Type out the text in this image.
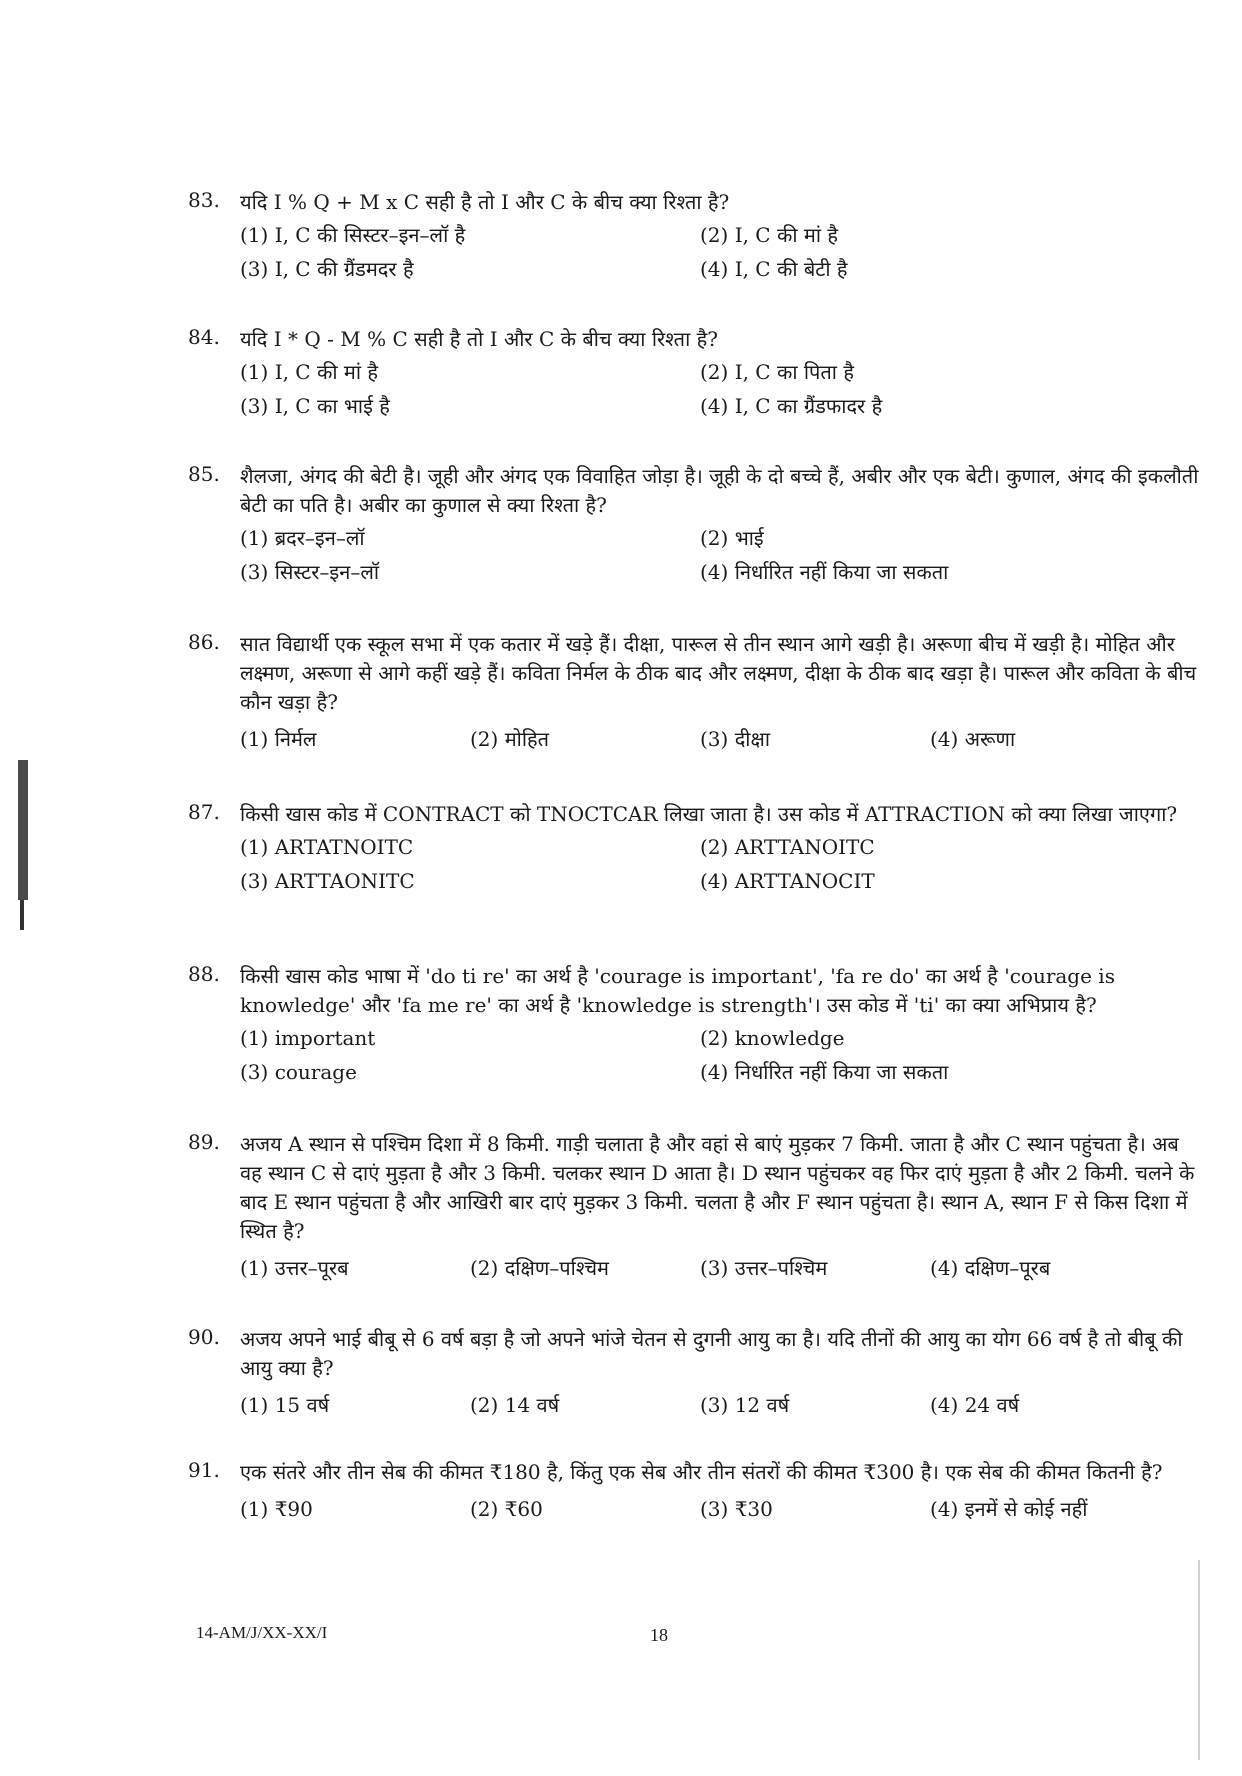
83. यदि I % Q + M x C सही है तो I और C के बीच क्या रिश्ता है?

(1) I, C की सिस्टर–इन–लॉ है	(2) I, C की मां है
(3) I, C की ग्रैंडमदर है	(4) I, C की बेटी है
84. यदि I * Q - M % C सही है तो I और C के बीच क्या रिश्ता है?

(1) I, C की मां है	(2) I, C का पिता है
(3) I, C का भाई है	(4) I, C का ग्रैंडफादर है
85. शैलजा, अंगद की बेटी है। जूही और अंगद एक विवाहित जोड़ा है। जूही के दो बच्चे हैं, अबीर और एक बेटी। कुणाल, अंगद की इकलौती बेटी का पति है। अबीर का कुणाल से क्या रिश्ता है?

(1) ब्रदर–इन–लॉ	(2) भाई
(3) सिस्टर–इन–लॉ	(4) निर्धारित नहीं किया जा सकता
86. सात विद्यार्थी एक स्कूल सभा में एक कतार में खड़े हैं। दीक्षा, पारूल से तीन स्थान आगे खड़ी है। अरूणा बीच में खड़ी है। मोहित और लक्ष्मण, अरूणा से आगे कहीं खड़े हैं। कविता निर्मल के ठीक बाद और लक्ष्मण, दीक्षा के ठीक बाद खड़ा है। पारूल और कविता के बीच कौन खड़ा है?

(1) निर्मल	(2) मोहित	(3) दीक्षा	(4) अरूणा
87. किसी खास कोड में CONTRACT को TNOCTCAR लिखा जाता है। उस कोड में ATTRACTION को क्या लिखा जाएगा?

(1) ARTATNOITC	(2) ARTTANOITC
(3) ARTTAONITC	(4) ARTTANOCIT
88. किसी खास कोड भाषा में 'do ti re' का अर्थ है 'courage is important', 'fa re do' का अर्थ है 'courage is knowledge' और 'fa me re' का अर्थ है 'knowledge is strength'। उस कोड में 'ti' का क्या अभिप्राय है?

(1) important	(2) knowledge
(3) courage	(4) निर्धारित नहीं किया जा सकता
89. अजय A स्थान से पश्चिम दिशा में 8 किमी. गाड़ी चलाता है और वहां से बाएं मुड़कर 7 किमी. जाता है और C स्थान पहुंचता है। अब वह स्थान C से दाएं मुड़ता है और 3 किमी. चलकर स्थान D आता है। D स्थान पहुंचकर वह फिर दाएं मुड़ता है और 2 किमी. चलने के बाद E स्थान पहुंचता है और आखिरी बार दाएं मुड़कर 3 किमी. चलता है और F स्थान पहुंचता है। स्थान A, स्थान F से किस दिशा में स्थित है?

(1) उत्तर–पूरब	(2) दक्षिण–पश्चिम	(3) उत्तर–पश्चिम	(4) दक्षिण–पूरब
90. अजय अपने भाई बीबू से 6 वर्ष बड़ा है जो अपने भांजे चेतन से दुगनी आयु का है। यदि तीनों की आयु का योग 66 वर्ष है तो बीबू की आयु क्या है?

(1) 15 वर्ष	(2) 14 वर्ष	(3) 12 वर्ष	(4) 24 वर्ष
91. एक संतरे और तीन सेब की कीमत ₹180 है, किंतु एक सेब और तीन संतरों की कीमत ₹300 है। एक सेब की कीमत कितनी है?

(1) ₹90	(2) ₹60	(3) ₹30	(4) इनमें से कोई नहीं
14-AM/J/XX-XX/I	18
